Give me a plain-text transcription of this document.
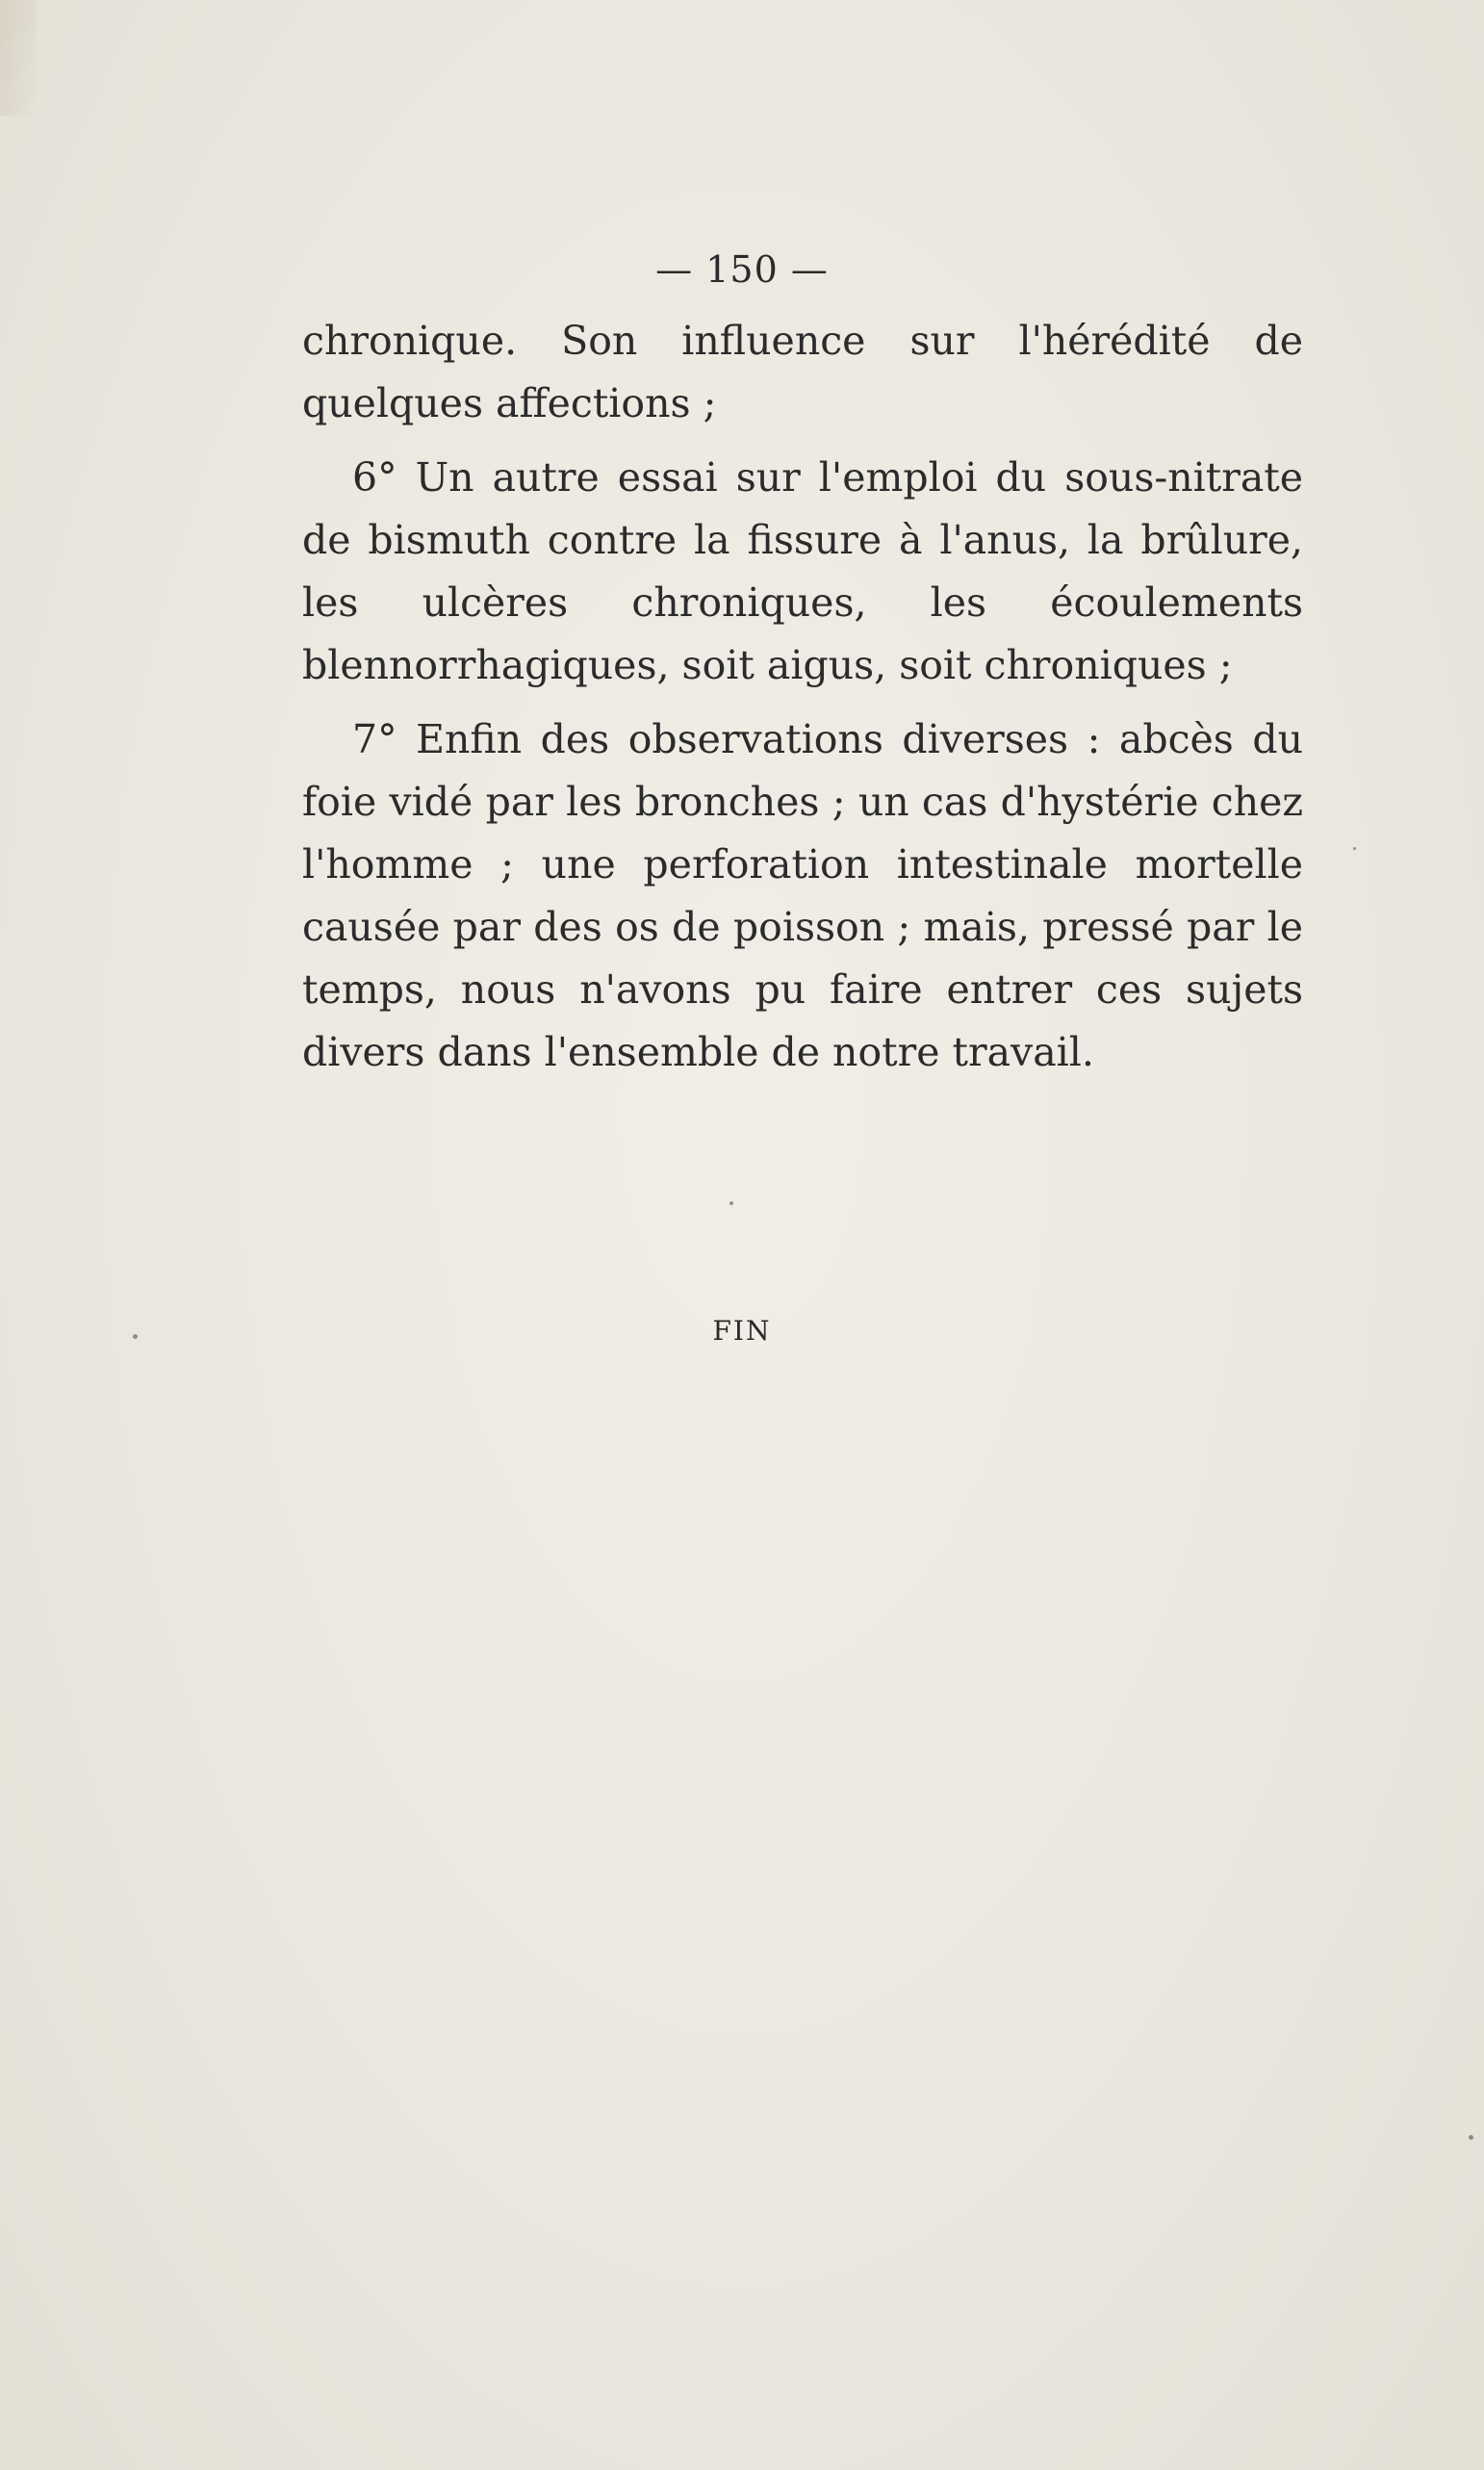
— 150 —

chronique. Son influence sur l'hérédité de quelques affections ;

6° Un autre essai sur l'emploi du sous-nitrate de bismuth contre la fissure à l'anus, la brûlure, les ulcères chroniques, les écoulements blennorrhagiques, soit aigus, soit chroniques ;

7° Enfin des observations diverses : abcès du foie vidé par les bronches ; un cas d'hystérie chez l'homme ; une perforation intestinale mortelle causée par des os de poisson ; mais, pressé par le temps, nous n'avons pu faire entrer ces sujets divers dans l'ensemble de notre travail.

FIN
